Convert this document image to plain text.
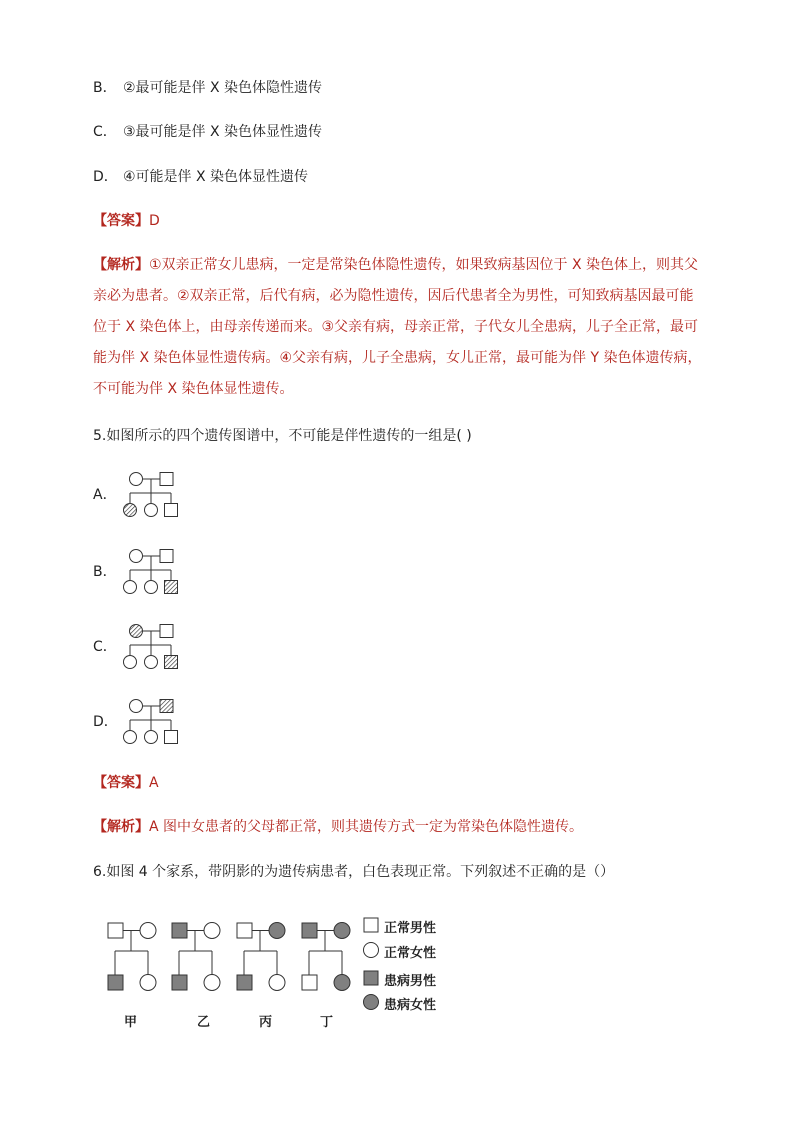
B． ②最可能是伴 X 染色体隐性遗传
C． ③最可能是伴 X 染色体显性遗传
D． ④可能是伴 X 染色体显性遗传
【答案】D
【解析】①双亲正常女儿患病，一定是常染色体隐性遗传，如果致病基因位于 X 染色体上，则其父
亲必为患者。②双亲正常，后代有病，必为隐性遗传，因后代患者全为男性，可知致病基因最可能
位于 X 染色体上，由母亲传递而来。③父亲有病，母亲正常，子代女儿全患病，儿子全正常，最可
能为伴 X 染色体显性遗传病。④父亲有病，儿子全患病，女儿正常，最可能为伴 Y 染色体遗传病，
不可能为伴 X 染色体显性遗传。
5.如图所示的四个遗传图谱中，不可能是伴性遗传的一组是( )
A．
B．
C．
D．
【答案】A
【解析】A 图中女患者的父母都正常，则其遗传方式一定为常染色体隐性遗传。
6.如图 4 个家系，带阴影的为遗传病患者，白色表现正常。下列叙述不正确的是（）
正常男性
正常女性
患病男性
患病女性
甲	乙	丙	丁
